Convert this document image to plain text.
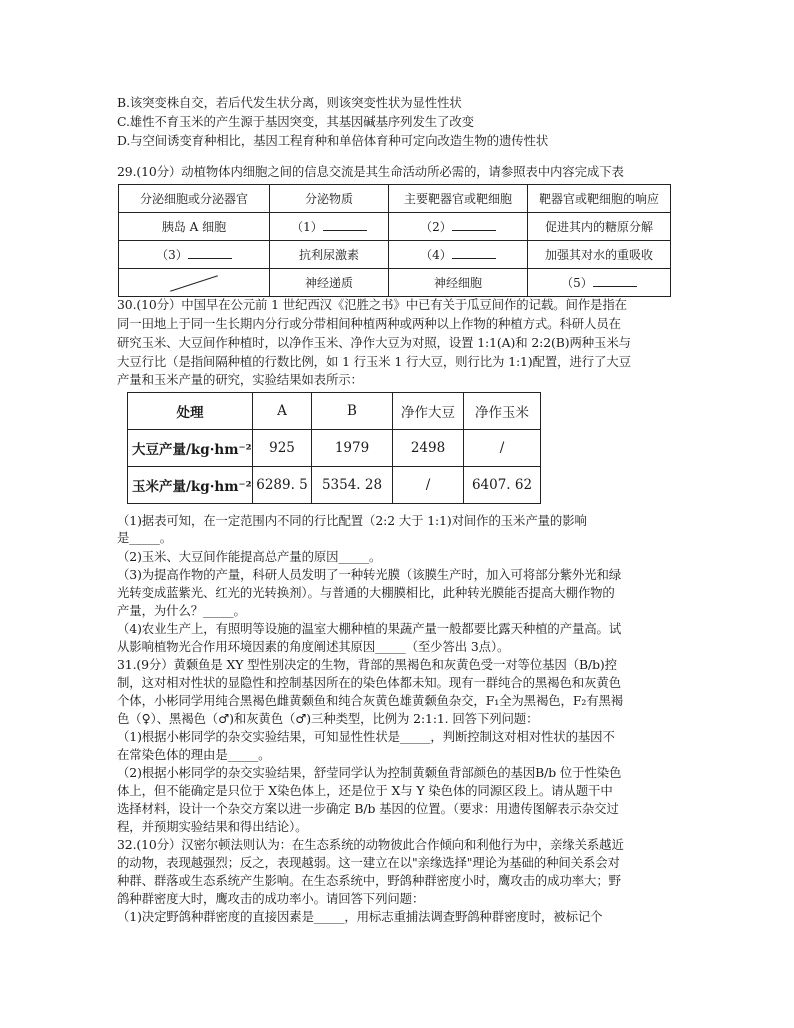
B.该突变株自交，若后代发生状分离，则该突变性状为显性性状
C.雄性不育玉米的产生源于基因突变，其基因碱基序列发生了改变
D.与空间诱变育种相比，基因工程育种和单倍体育种可定向改造生物的遗传性状
29.(10分）动植物体内细胞之间的信息交流是其生命活动所必需的，请参照表中内容完成下表
分泌细胞或分泌器官	分泌物质	主要靶器官或靶细胞	靶器官或靶细胞的响应
胰岛 A 细胞	（1）	（2）	促进其内的糖原分解
（3）	抗利尿激素	（4）	加强其对水的重吸收
	神经递质	神经细胞	（5）
30.(10分）中国早在公元前 1 世纪西汉《氾胜之书》中已有关于瓜豆间作的记载。间作是指在
同一田地上于同一生长期内分行或分带相间种植两种或两种以上作物的种植方式。科研人员在
研究玉米、大豆间作种植时，以净作玉米、净作大豆为对照，设置 1:1(A)和 2:2(B)两种玉米与
大豆行比（是指间隔种植的行数比例，如 1 行玉米 1 行大豆，则行比为 1:1)配置，进行了大豆
产量和玉米产量的研究，实验结果如表所示：
处理	A	B	净作大豆	净作玉米
大豆产量/kg·hm⁻²	925	1979	2498	/
玉米产量/kg·hm⁻²	6289. 5	5354. 28	/	6407. 62
（1)据表可知，在一定范围内不同的行比配置（2:2 大于 1:1)对间作的玉米产量的影响
是_____。
（2)玉米、大豆间作能提高总产量的原因_____。
（3)为提高作物的产量，科研人员发明了一种转光膜（该膜生产时，加入可将部分紫外光和绿
光转变成蓝紫光、红光的光转换剂）。与普通的大棚膜相比，此种转光膜能否提高大棚作物的
产量，为什么？_____。
（4)农业生产上，有照明等设施的温室大棚种植的果蔬产量一般都要比露天种植的产量高。试
从影响植物光合作用环境因素的角度阐述其原因_____（至少答出 3点）。
31.(9分）黄颡鱼是 XY 型性别决定的生物，背部的黑褐色和灰黄色受一对等位基因（B/b)控
制，这对相对性状的显隐性和控制基因所在的染色体都未知。现有一群纯合的黑褐色和灰黄色
个体，小彬同学用纯合黑褐色雌黄颡鱼和纯合灰黄色雄黄颡鱼杂交，F₁全为黑褐色，F₂有黑褐
色（♀）、黑褐色（♂)和灰黄色（♂)三种类型，比例为 2:1:1. 回答下列问题：
（1)根据小彬同学的杂交实验结果，可知显性性状是_____，判断控制这对相对性状的基因不
在常染色体的理由是_____。
（2)根据小彬同学的杂交实验结果，舒莹同学认为控制黄颡鱼背部颜色的基因B/b 位于性染色
体上，但不能确定是只位于 X染色体上，还是位于 X与 Y 染色体的同源区段上。请从题干中
选择材料，设计一个杂交方案以进一步确定 B/b 基因的位置。（要求：用遗传图解表示杂交过
程，并预期实验结果和得出结论）。
32.(10分）汉密尔顿法则认为：在生态系统的动物彼此合作倾向和利他行为中，亲缘关系越近
的动物，表现越强烈；反之，表现越弱。这一建立在以"亲缘选择"理论为基础的种间关系会对
种群、群落或生态系统产生影响。在生态系统中，野鸽种群密度小时，鹰攻击的成功率大；野
鸽种群密度大时，鹰攻击的成功率小。请回答下列问题：
（1)决定野鸽种群密度的直接因素是_____，用标志重捕法调查野鸽种群密度时，被标记个
